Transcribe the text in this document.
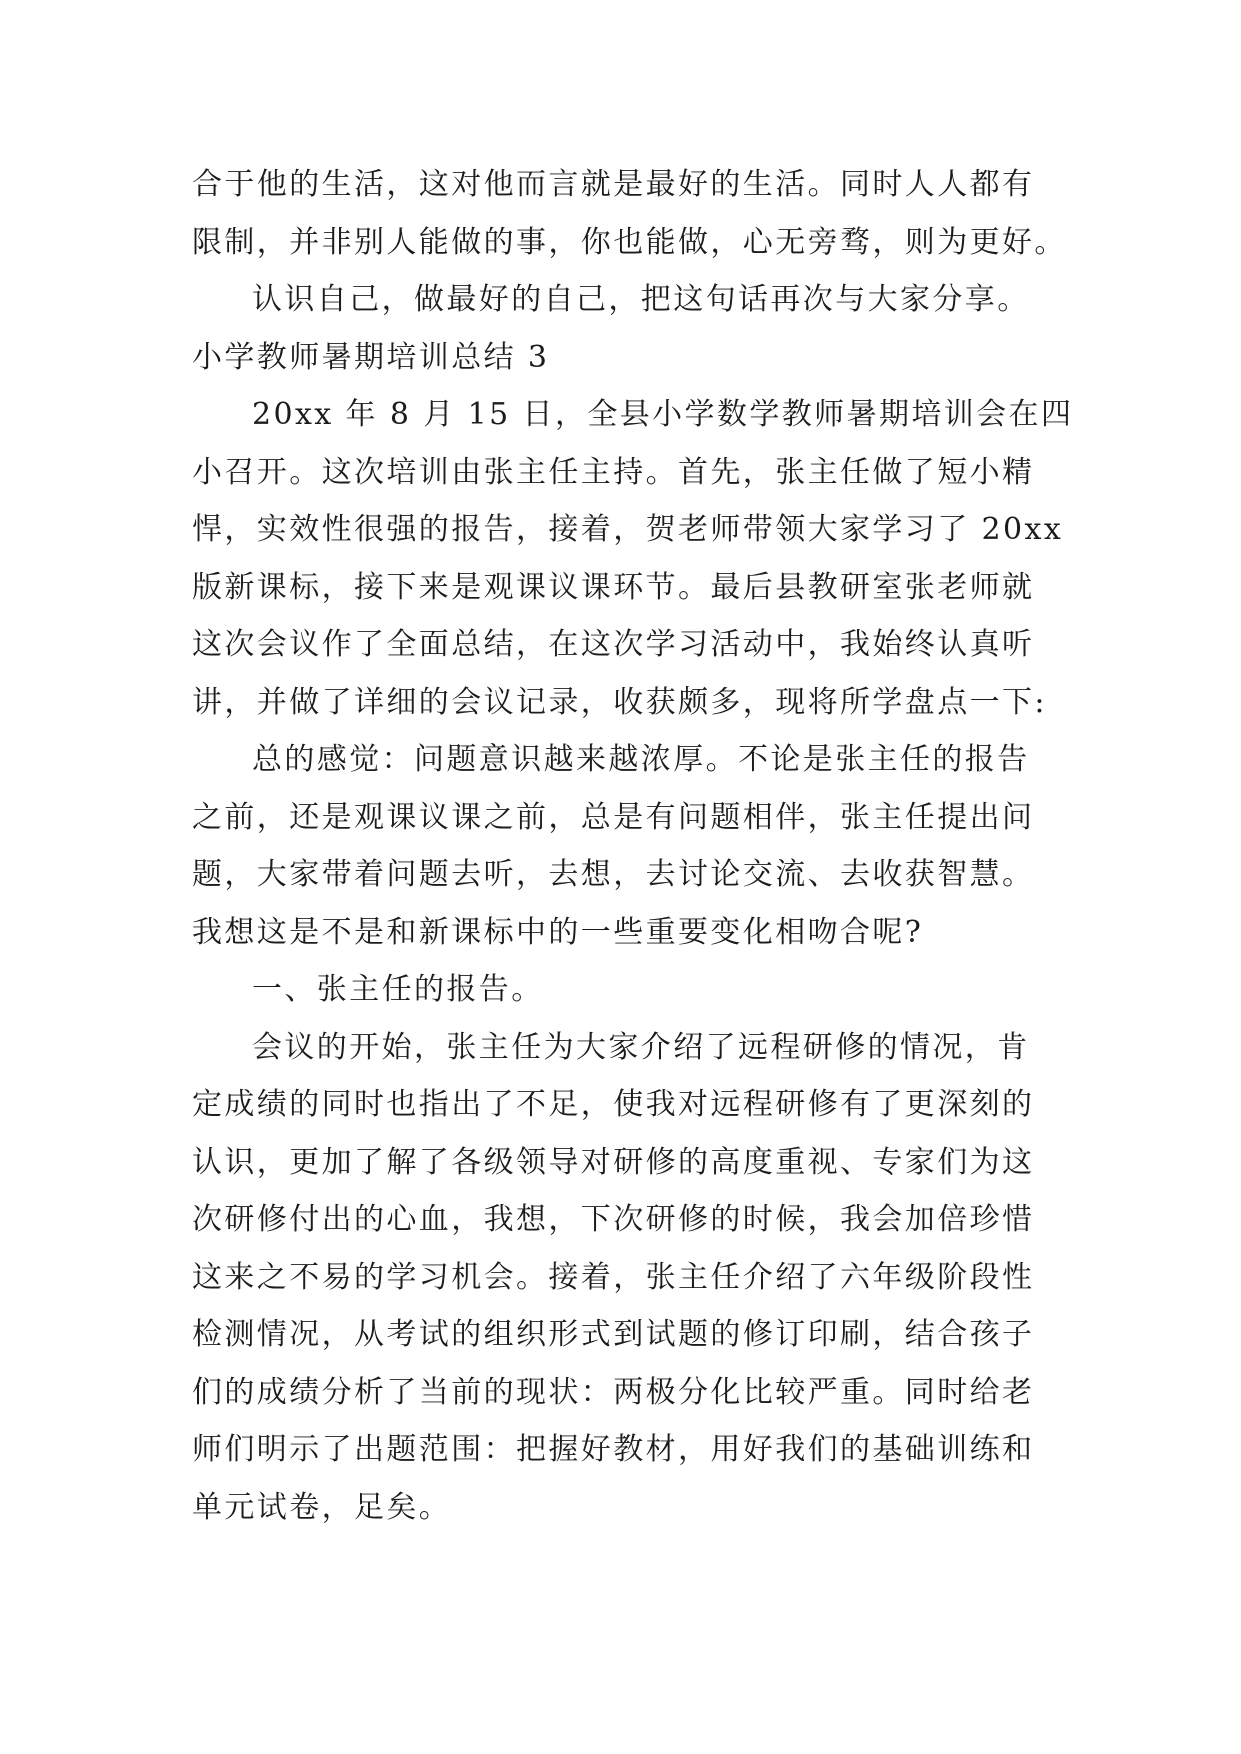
合于他的生活，这对他而言就是最好的生活。同时人人都有

限制，并非别人能做的事，你也能做，心无旁骛，则为更好。

认识自己，做最好的自己，把这句话再次与大家分享。

小学教师暑期培训总结 3

20xx 年 8 月 15 日，全县小学数学教师暑期培训会在四

小召开。这次培训由张主任主持。首先，张主任做了短小精

悍，实效性很强的报告，接着，贺老师带领大家学习了 20xx

版新课标，接下来是观课议课环节。最后县教研室张老师就

这次会议作了全面总结，在这次学习活动中，我始终认真听

讲，并做了详细的会议记录，收获颇多，现将所学盘点一下:

总的感觉：问题意识越来越浓厚。不论是张主任的报告

之前，还是观课议课之前，总是有问题相伴，张主任提出问

题，大家带着问题去听，去想，去讨论交流、去收获智慧。

我想这是不是和新课标中的一些重要变化相吻合呢?

一、张主任的报告。

会议的开始，张主任为大家介绍了远程研修的情况，肯

定成绩的同时也指出了不足，使我对远程研修有了更深刻的

认识，更加了解了各级领导对研修的高度重视、专家们为这

次研修付出的心血，我想，下次研修的时候，我会加倍珍惜

这来之不易的学习机会。接着，张主任介绍了六年级阶段性

检测情况，从考试的组织形式到试题的修订印刷，结合孩子

们的成绩分析了当前的现状：两极分化比较严重。同时给老

师们明示了出题范围：把握好教材，用好我们的基础训练和

单元试卷，足矣。
